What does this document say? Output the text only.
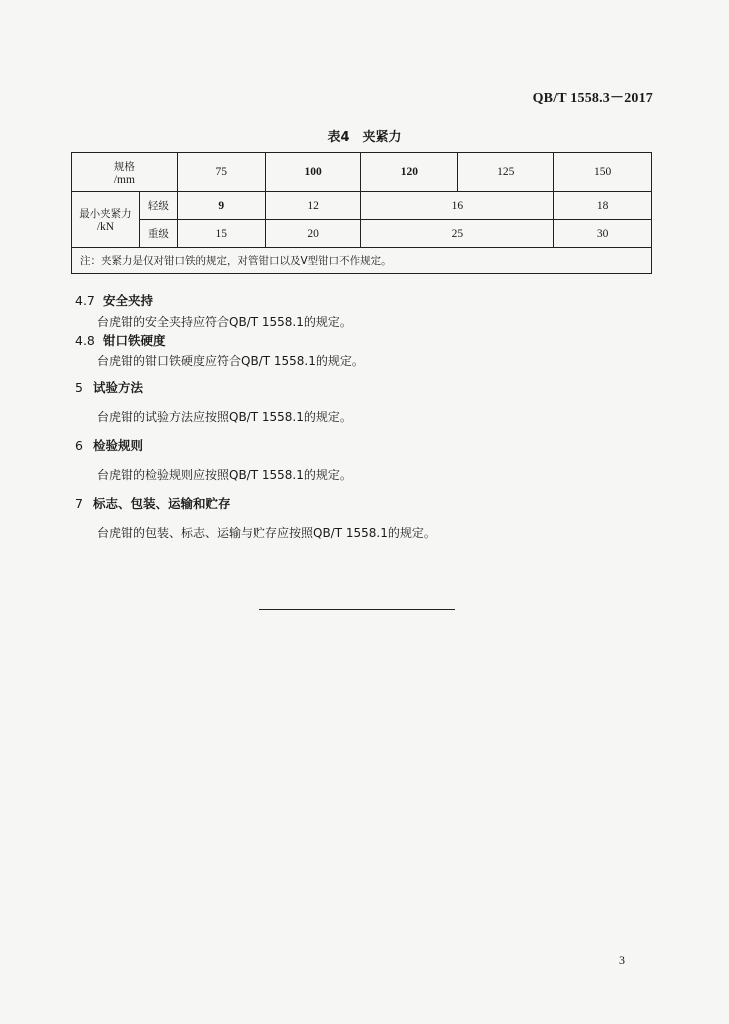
QB/T 1558.3－2017
表4　夹紧力
规格
/mm		75	100	120	125	150

最小夹紧力
/kN	轻级	9	12	16		18
	重级	15	20	25		30
注：夹紧力是仅对钳口铁的规定，对管钳口以及V型钳口不作规定。						
4.7 安全夹持
台虎钳的安全夹持应符合QB/T 1558.1的规定。
4.8 钳口铁硬度
台虎钳的钳口铁硬度应符合QB/T 1558.1的规定。
5 试验方法
台虎钳的试验方法应按照QB/T 1558.1的规定。
6 检验规则
台虎钳的检验规则应按照QB/T 1558.1的规定。
7 标志、包装、运输和贮存
台虎钳的包装、标志、运输与贮存应按照QB/T 1558.1的规定。
3
